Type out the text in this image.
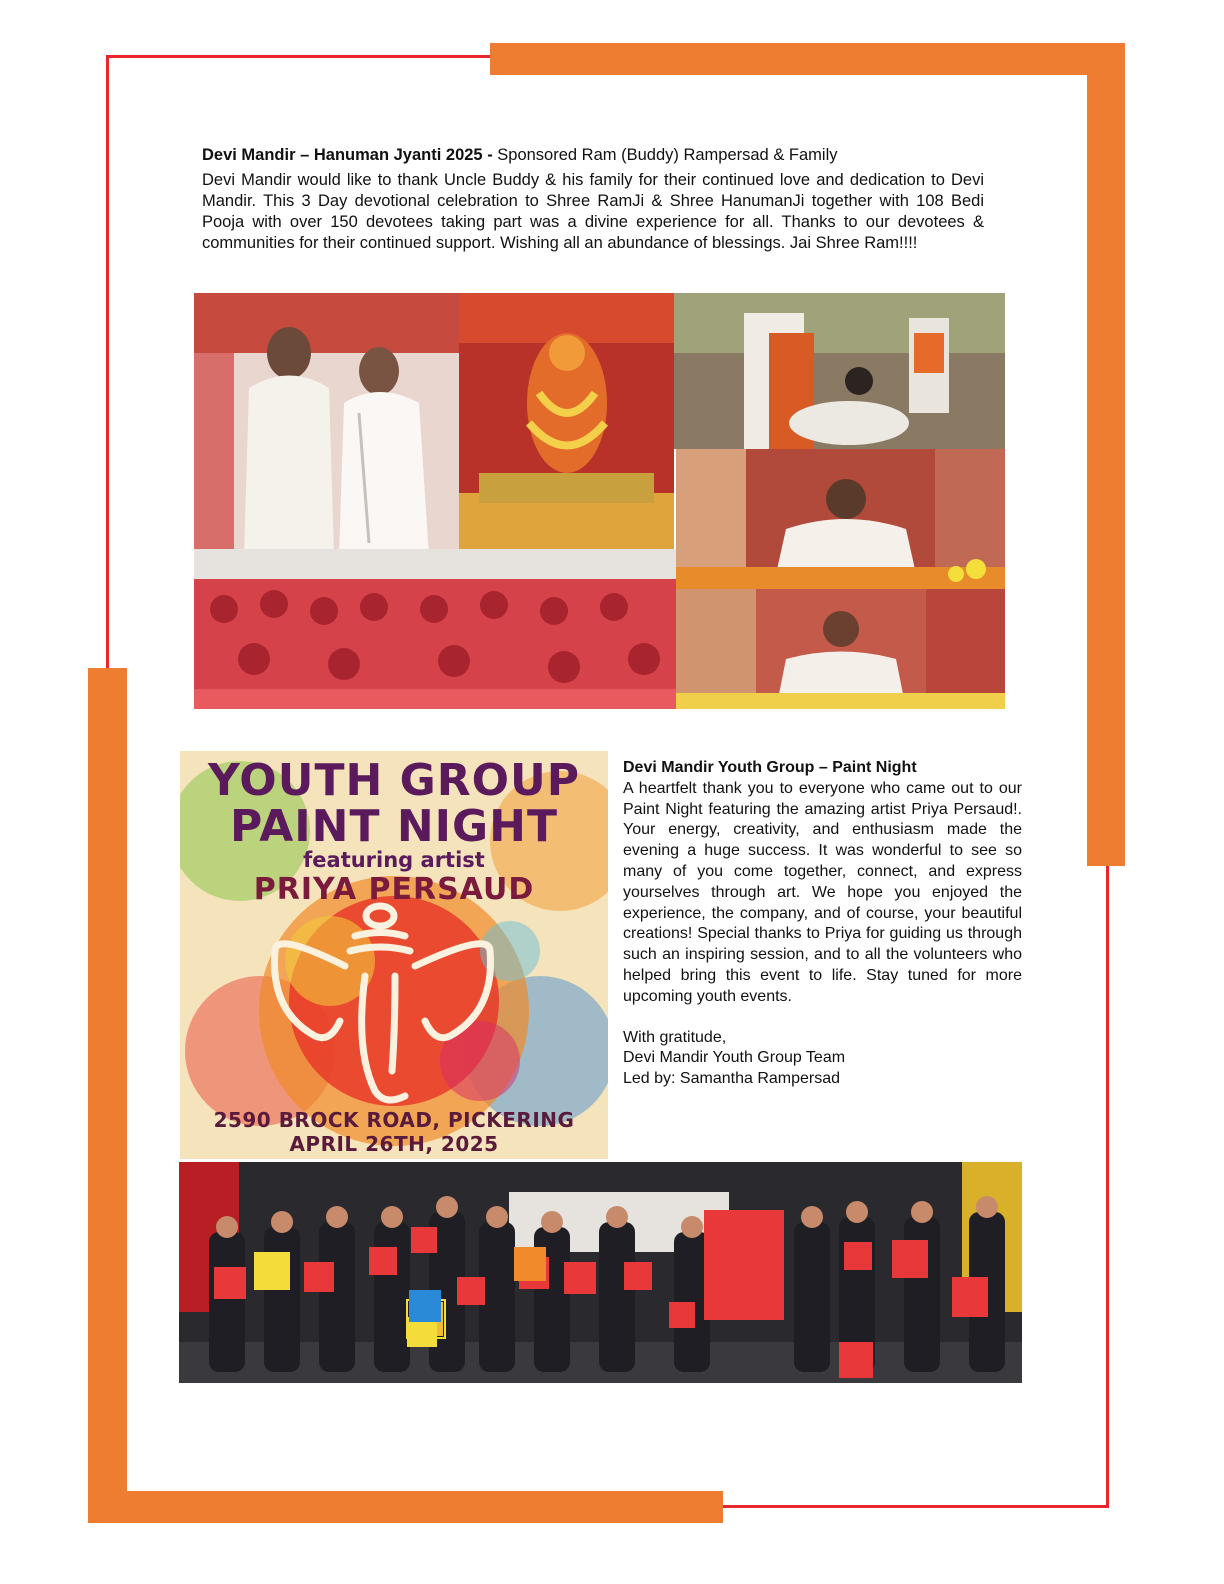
Devi Mandir – Hanuman Jyanti 2025 - Sponsored Ram (Buddy) Rampersad & Family
Devi Mandir would like to thank Uncle Buddy & his family for their continued love and dedication to Devi Mandir. This 3 Day devotional celebration to Shree RamJi & Shree HanumanJi together with 108 Bedi Pooja with over 150 devotees taking part was a divine experience for all. Thanks to our devotees & communities for their continued support. Wishing all an abundance of blessings. Jai Shree Ram!!!!
YOUTH GROUP
PAINT NIGHT
featuring artist
PRIYA PERSAUD
2590 BROCK ROAD, PICKERING
APRIL 26TH, 2025
Devi Mandir Youth Group – Paint Night
A heartfelt thank you to everyone who came out to our Paint Night featuring the amazing artist Priya Persaud!. Your energy, creativity, and enthusiasm made the evening a huge success. It was wonderful to see so many of you come together, connect, and express yourselves through art. We hope you enjoyed the experience, the company, and of course, your beautiful creations! Special thanks to Priya for guiding us through such an inspiring session, and to all the volunteers who helped bring this event to life. Stay tuned for more upcoming youth events.
With gratitude,
Devi Mandir Youth Group Team
Led by: Samantha Rampersad
